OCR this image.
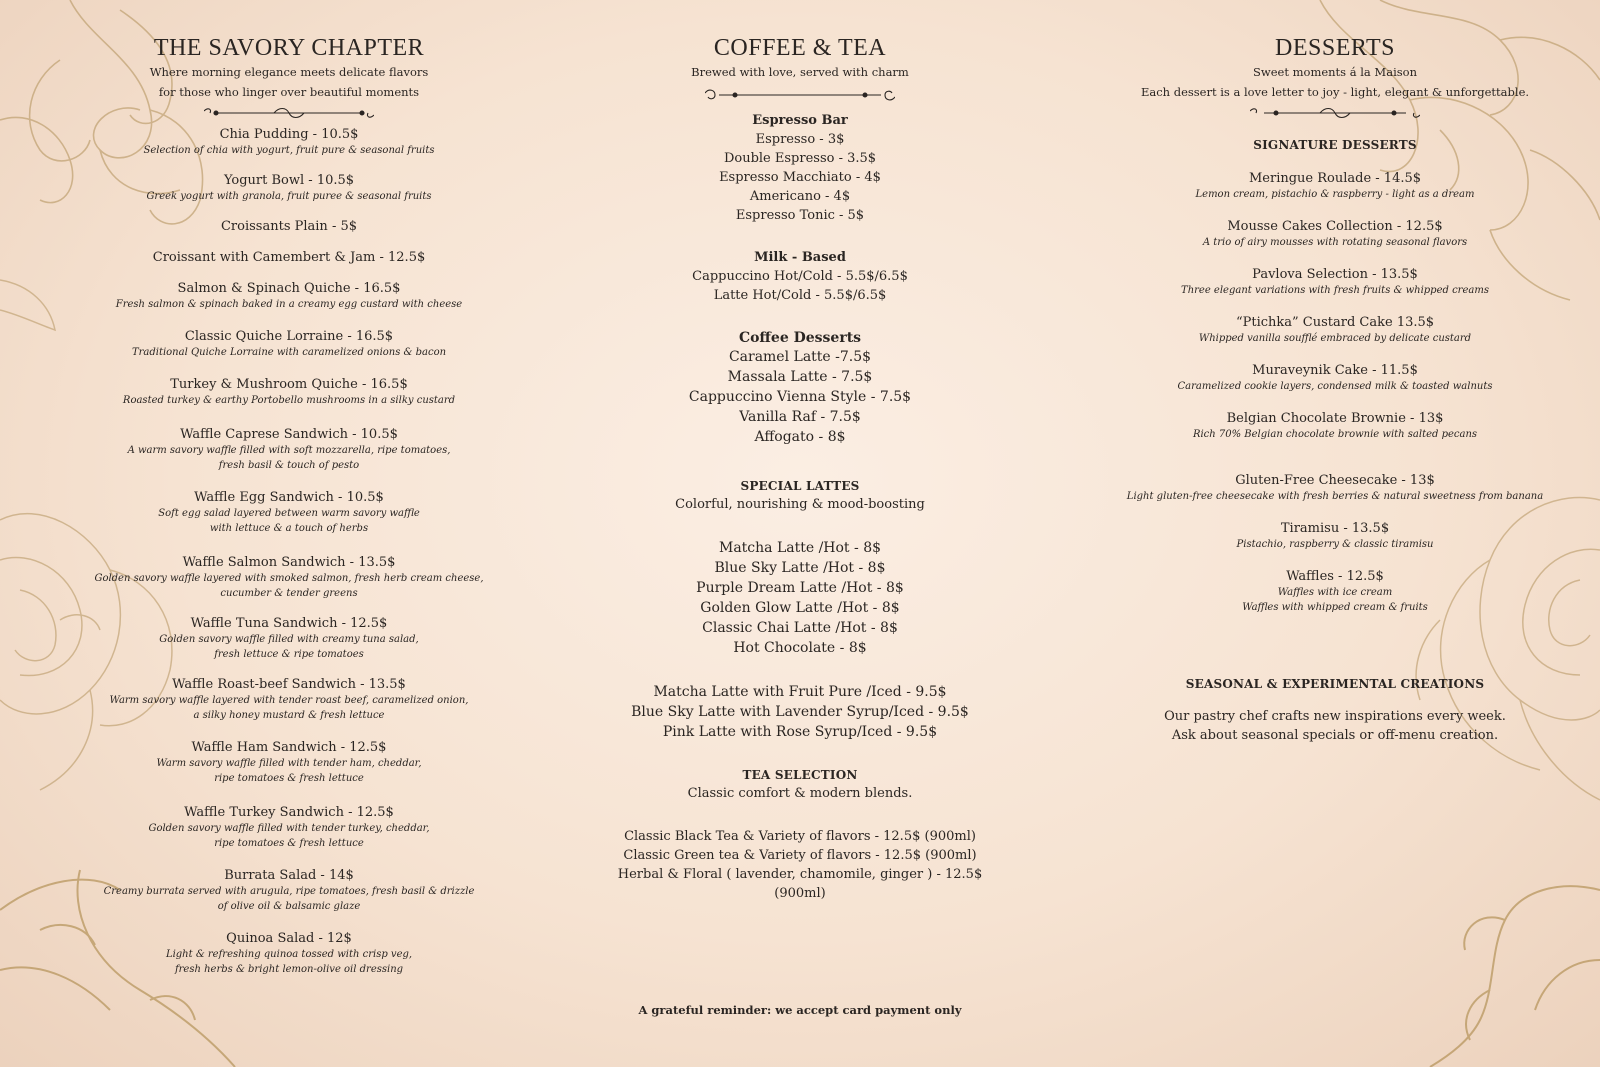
THE SAVORY CHAPTER

Where morning elegance meets delicate flavors

for those who linger over beautiful moments

Chia Pudding - 10.5$

Selection of chia with yogurt, fruit pure & seasonal fruits

Yogurt Bowl - 10.5$

Greek yogurt with granola, fruit puree & seasonal fruits

Croissants Plain - 5$

Croissant with Camembert & Jam - 12.5$

Salmon & Spinach Quiche - 16.5$

Fresh salmon & spinach baked in a creamy egg custard with cheese

Classic Quiche Lorraine - 16.5$

Traditional Quiche Lorraine with caramelized onions & bacon

Turkey & Mushroom Quiche - 16.5$

Roasted turkey & earthy Portobello mushrooms in a silky custard

Waffle Caprese Sandwich - 10.5$

A warm savory waffle filled with soft mozzarella, ripe tomatoes,

fresh basil & touch of pesto

Waffle Egg Sandwich - 10.5$

Soft egg salad layered between warm savory waffle

with lettuce & a touch of herbs

Waffle Salmon Sandwich - 13.5$

Golden savory waffle layered with smoked salmon, fresh herb cream cheese,

cucumber & tender greens

Waffle Tuna Sandwich - 12.5$

Golden savory waffle filled with creamy tuna salad,

fresh lettuce & ripe tomatoes

Waffle Roast-beef Sandwich - 13.5$

Warm savory waffle layered with tender roast beef, caramelized onion,

a silky honey mustard & fresh lettuce

Waffle Ham Sandwich - 12.5$

Warm savory waffle filled with tender ham, cheddar,

ripe tomatoes & fresh lettuce

Waffle Turkey Sandwich - 12.5$

Golden savory waffle filled with tender turkey, cheddar,

ripe tomatoes & fresh lettuce

Burrata Salad - 14$

Creamy burrata served with arugula, ripe tomatoes, fresh basil & drizzle

of olive oil & balsamic glaze

Quinoa Salad - 12$

Light & refreshing quinoa tossed with crisp veg,

fresh herbs & bright lemon-olive oil dressing

COFFEE & TEA

Brewed with love, served with charm

Espresso Bar

Espresso - 3$

Double Espresso - 3.5$

Espresso Macchiato - 4$

Americano - 4$

Espresso Tonic - 5$

Milk - Based

Cappuccino Hot/Cold - 5.5$/6.5$

Latte Hot/Cold - 5.5$/6.5$

Coffee Desserts

Caramel Latte -7.5$

Massala Latte - 7.5$

Cappuccino Vienna Style - 7.5$

Vanilla Raf - 7.5$

Affogato - 8$

SPECIAL LATTES

Colorful, nourishing & mood-boosting

Matcha Latte /Hot - 8$

Blue Sky Latte /Hot - 8$

Purple Dream Latte /Hot - 8$

Golden Glow Latte /Hot - 8$

Classic Chai Latte /Hot - 8$

Hot Chocolate - 8$

Matcha Latte with Fruit Pure /Iced - 9.5$

Blue Sky Latte with Lavender Syrup/Iced - 9.5$

Pink Latte with Rose Syrup/Iced - 9.5$

TEA SELECTION

Classic comfort & modern blends.

Classic Black Tea & Variety of flavors - 12.5$ (900ml)

Classic Green tea & Variety of flavors - 12.5$ (900ml)

Herbal & Floral ( lavender, chamomile, ginger ) - 12.5$ (900ml)

A grateful reminder: we accept card payment only

DESSERTS

Sweet moments á la Maison

Each dessert is a love letter to joy - light, elegant & unforgettable.

SIGNATURE DESSERTS

Meringue Roulade - 14.5$

Lemon cream, pistachio & raspberry - light as a dream

Mousse Cakes Collection - 12.5$

A trio of airy mousses with rotating seasonal flavors

Pavlova Selection - 13.5$

Three elegant variations with fresh fruits & whipped creams

“Ptichka” Custard Cake 13.5$

Whipped vanilla soufflé embraced by delicate custard

Muraveynik Cake - 11.5$

Caramelized cookie layers, condensed milk & toasted walnuts

Belgian Chocolate Brownie - 13$

Rich 70% Belgian chocolate brownie with salted pecans

Gluten-Free Cheesecake - 13$

Light gluten-free cheesecake with fresh berries & natural sweetness from banana

Tiramisu - 13.5$

Pistachio, raspberry & classic tiramisu

Waffles - 12.5$

Waffles with ice cream

Waffles with whipped cream & fruits

SEASONAL & EXPERIMENTAL CREATIONS

Our pastry chef crafts new inspirations every week.

Ask about seasonal specials or off-menu creation.
